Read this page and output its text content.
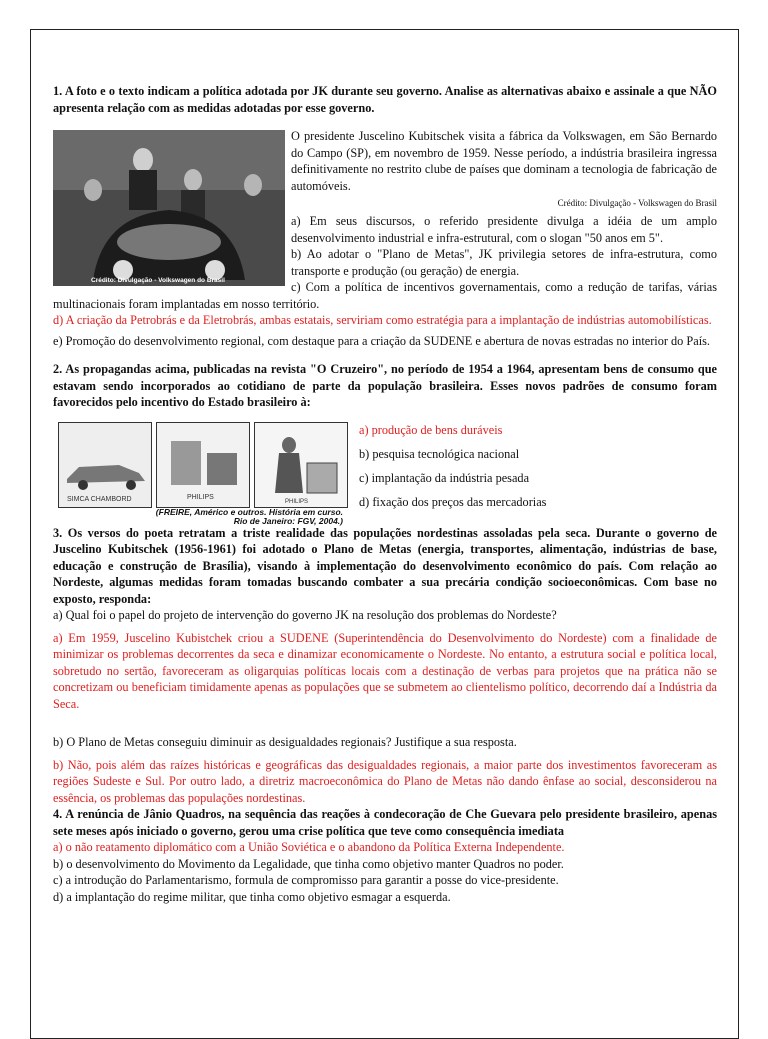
1. A foto e o texto indicam a política adotada por JK durante seu governo. Analise as alternativas abaixo e assinale a que NÃO apresenta relação com as medidas adotadas por esse governo.
Crédito: Divulgação - Volkswagen do Brasil
O presidente Juscelino Kubitschek visita a fábrica da Volkswagen, em São Bernardo do Campo (SP), em novembro de 1959. Nesse período, a indústria brasileira ingressa definitivamente no restrito clube de países que dominam a tecnologia de fabricação de automóveis.
Crédito: Divulgação - Volkswagen do Brasil
a) Em seus discursos, o referido presidente divulga a idéia de um amplo desenvolvimento industrial e infra-estrutural, com o slogan "50 anos em 5".
b) Ao adotar o "Plano de Metas", JK privilegia setores de infra-estrutura, como transporte e produção (ou geração) de energia.
c) Com a política de incentivos governamentais, como a redução de tarifas, várias multinacionais foram implantadas em nosso território.
d) A criação da Petrobrás e da Eletrobrás, ambas estatais, serviriam como estratégia para a implantação de indústrias automobilísticas.
e) Promoção do desenvolvimento regional, com destaque para a criação da SUDENE e abertura de novas estradas no interior do País.
2. As propagandas acima, publicadas na revista "O Cruzeiro", no período de 1954 a 1964, apresentam bens de consumo que estavam sendo incorporados ao cotidiano de parte da população brasileira. Esses novos padrões de consumo foram favorecidos pelo incentivo do Estado brasileiro à:
SIMCA CHAMBORD	PHILIPS
PHILIPS
(FREIRE, Américo e outros. História em curso.
Rio de Janeiro: FGV, 2004.)
a) produção de bens duráveis
b) pesquisa tecnológica nacional
c) implantação da indústria pesada
d) fixação dos preços das mercadorias
3. Os versos do poeta retratam a triste realidade das populações nordestinas assoladas pela seca. Durante o governo de Juscelino Kubitschek (1956-1961) foi adotado o Plano de Metas (energia, transportes, alimentação, indústrias de base, educação e construção de Brasília), visando à implementação do desenvolvimento econômico do país. Com relação ao Nordeste, algumas medidas foram tomadas buscando combater a sua precária condição socioeconômicas. Com base no exposto, responda:
a) Qual foi o papel do projeto de intervenção do governo JK na resolução dos problemas do Nordeste?
a) Em 1959, Juscelino Kubistchek criou a SUDENE (Superintendência do Desenvolvimento do Nordeste) com a finalidade de minimizar os problemas decorrentes da seca e dinamizar economicamente o Nordeste. No entanto, a estrutura social e política local, sobretudo no sertão, favoreceram as oligarquias políticas locais com a destinação de verbas para projetos que na prática não se concretizam ou beneficiam timidamente apenas as populações que se submetem ao clientelismo político, decorrendo daí a Indústria da Seca.
b) O Plano de Metas conseguiu diminuir as desigualdades regionais? Justifique a sua resposta.
b) Não, pois além das raízes históricas e geográficas das desigualdades regionais, a maior parte dos investimentos favoreceram as regiões Sudeste e Sul. Por outro lado, a diretriz macroeconômica do Plano de Metas não dando ênfase ao social, desconsiderou na essência, os problemas das populações nordestinas.
4. A renúncia de Jânio Quadros, na sequência das reações à condecoração de Che Guevara pelo presidente brasileiro, apenas sete meses após iniciado o governo, gerou uma crise política que teve como consequência imediata
a) o não reatamento diplomático com a União Soviética e o abandono da Política Externa Independente.
b) o desenvolvimento do Movimento da Legalidade, que tinha como objetivo manter Quadros no poder.
c) a introdução do Parlamentarismo, formula de compromisso para garantir a posse do vice-presidente.
d) a implantação do regime militar, que tinha como objetivo esmagar a esquerda.
